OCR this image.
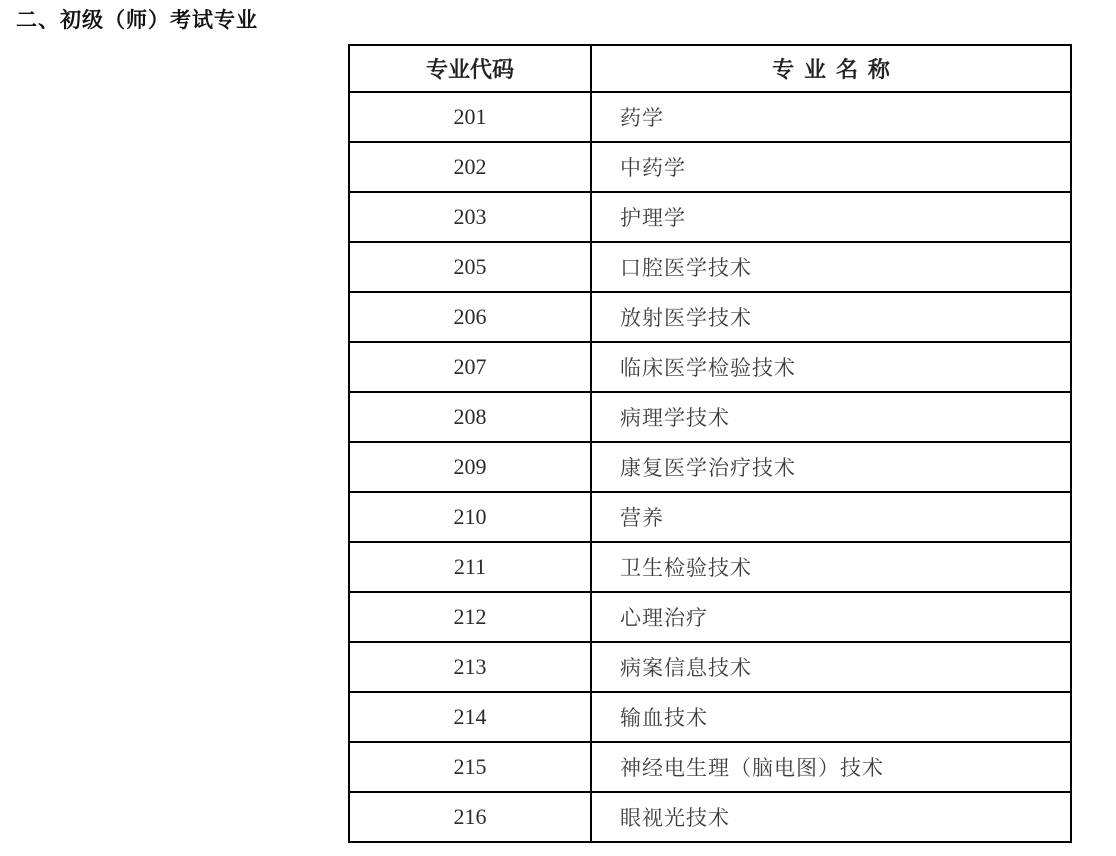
二、初级（师）考试专业
专业代码	专业名称
201	药学
202	中药学
203	护理学
205	口腔医学技术
206	放射医学技术
207	临床医学检验技术
208	病理学技术
209	康复医学治疗技术
210	营养
211	卫生检验技术
212	心理治疗
213	病案信息技术
214	输血技术
215	神经电生理（脑电图）技术
216	眼视光技术
